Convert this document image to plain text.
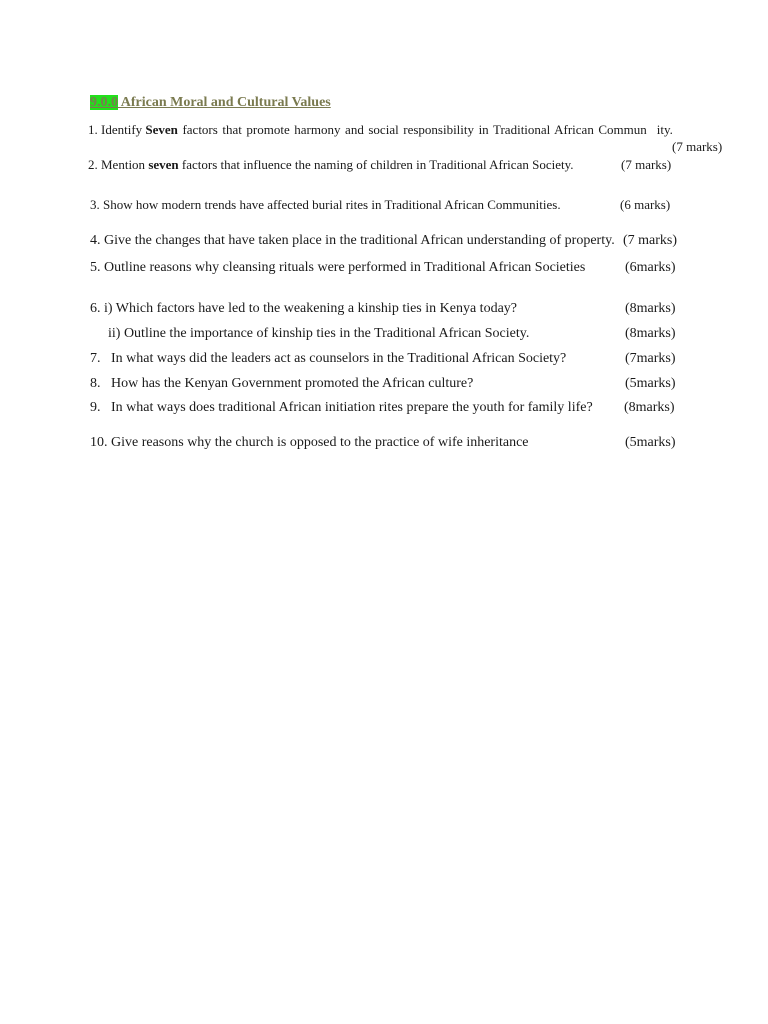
9.0.0 African Moral and Cultural Values
1. Identify Seven factors that promote harmony and social responsibility in Traditional African Commun ity.
(7 marks)
2. Mention seven factors that influence the naming of children in Traditional African Society.	(7 marks)
3. Show how modern trends have affected burial rites in Traditional African Communities.	(6 marks)
4. Give the changes that have taken place in the traditional African understanding of property. (7 marks)
5. Outline reasons why cleansing rituals were performed in Traditional African Societies	(6marks)
6. i) Which factors have led to the weakening a kinship ties in Kenya today?	(8marks)
ii) Outline the importance of kinship ties in the Traditional African Society.	(8marks)
7.   In what ways did the leaders act as counselors in the Traditional African Society?	(7marks)
8.   How has the Kenyan Government promoted the African culture?	(5marks)
9.   In what ways does traditional African initiation rites prepare the youth for family life? (8marks)
10. Give reasons why the church is opposed to the practice of wife inheritance	(5marks)
